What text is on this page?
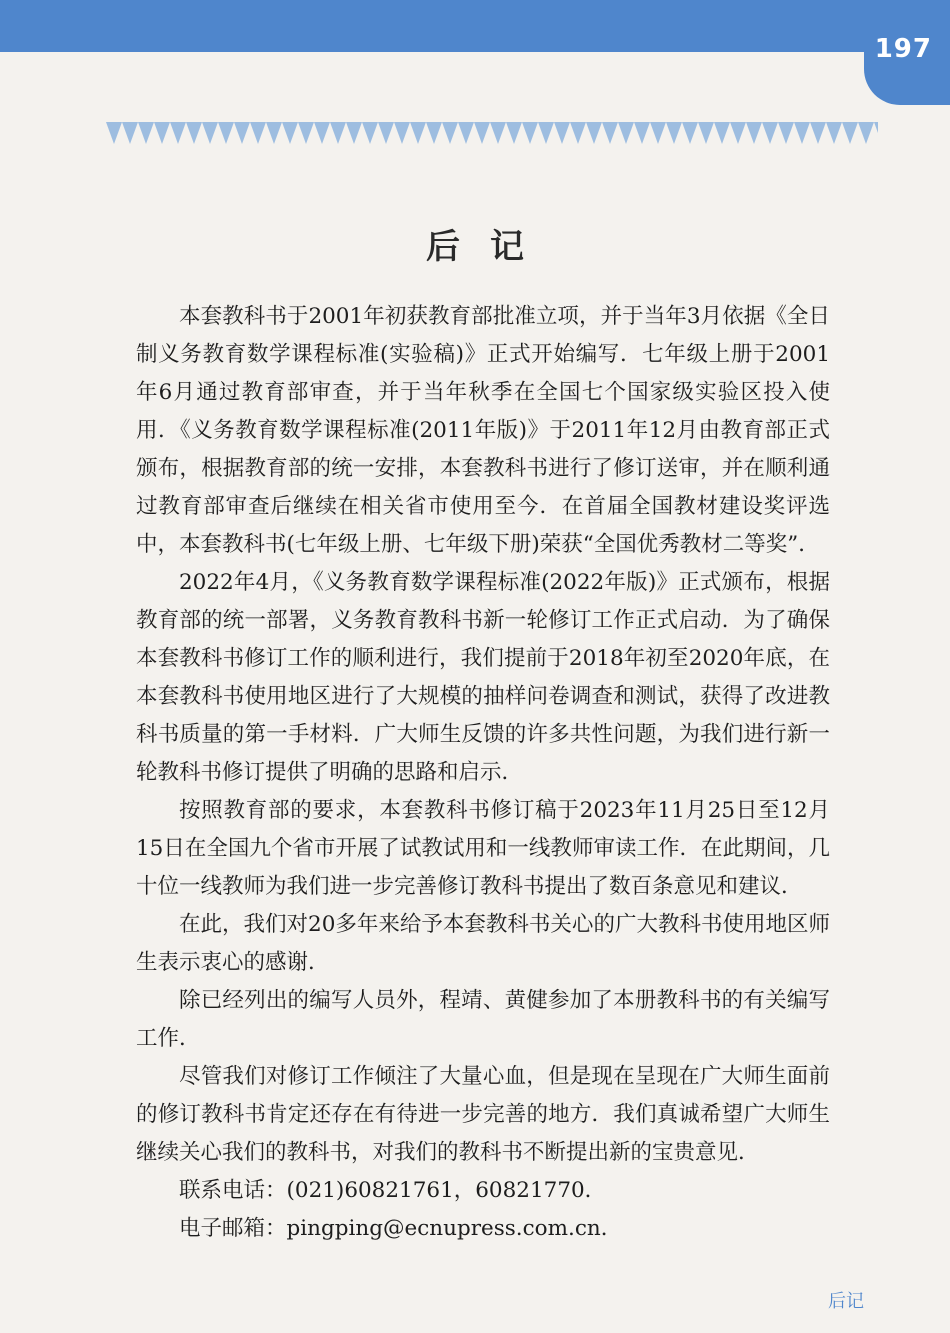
197
后记

本套教科书于2001年初获教育部批准立项，并于当年3月依据《全日制义务教育数学课程标准(实验稿)》正式开始编写．七年级上册于2001年6月通过教育部审查，并于当年秋季在全国七个国家级实验区投入使用．《义务教育数学课程标准(2011年版)》于2011年12月由教育部正式颁布，根据教育部的统一安排，本套教科书进行了修订送审，并在顺利通过教育部审查后继续在相关省市使用至今．在首届全国教材建设奖评选中，本套教科书(七年级上册、七年级下册)荣获“全国优秀教材二等奖”．

2022年4月，《义务教育数学课程标准(2022年版)》正式颁布，根据教育部的统一部署，义务教育教科书新一轮修订工作正式启动．为了确保本套教科书修订工作的顺利进行，我们提前于2018年初至2020年底，在本套教科书使用地区进行了大规模的抽样问卷调查和测试，获得了改进教科书质量的第一手材料．广大师生反馈的许多共性问题，为我们进行新一轮教科书修订提供了明确的思路和启示．

按照教育部的要求，本套教科书修订稿于2023年11月25日至12月15日在全国九个省市开展了试教试用和一线教师审读工作．在此期间，几十位一线教师为我们进一步完善修订教科书提出了数百条意见和建议．

在此，我们对20多年来给予本套教科书关心的广大教科书使用地区师生表示衷心的感谢．

除已经列出的编写人员外，程靖、黄健参加了本册教科书的有关编写工作．

尽管我们对修订工作倾注了大量心血，但是现在呈现在广大师生面前的修订教科书肯定还存在有待进一步完善的地方．我们真诚希望广大师生继续关心我们的教科书，对我们的教科书不断提出新的宝贵意见．

联系电话：(021)60821761，60821770．

电子邮箱：pingping@ecnupress.com.cn．

后记
